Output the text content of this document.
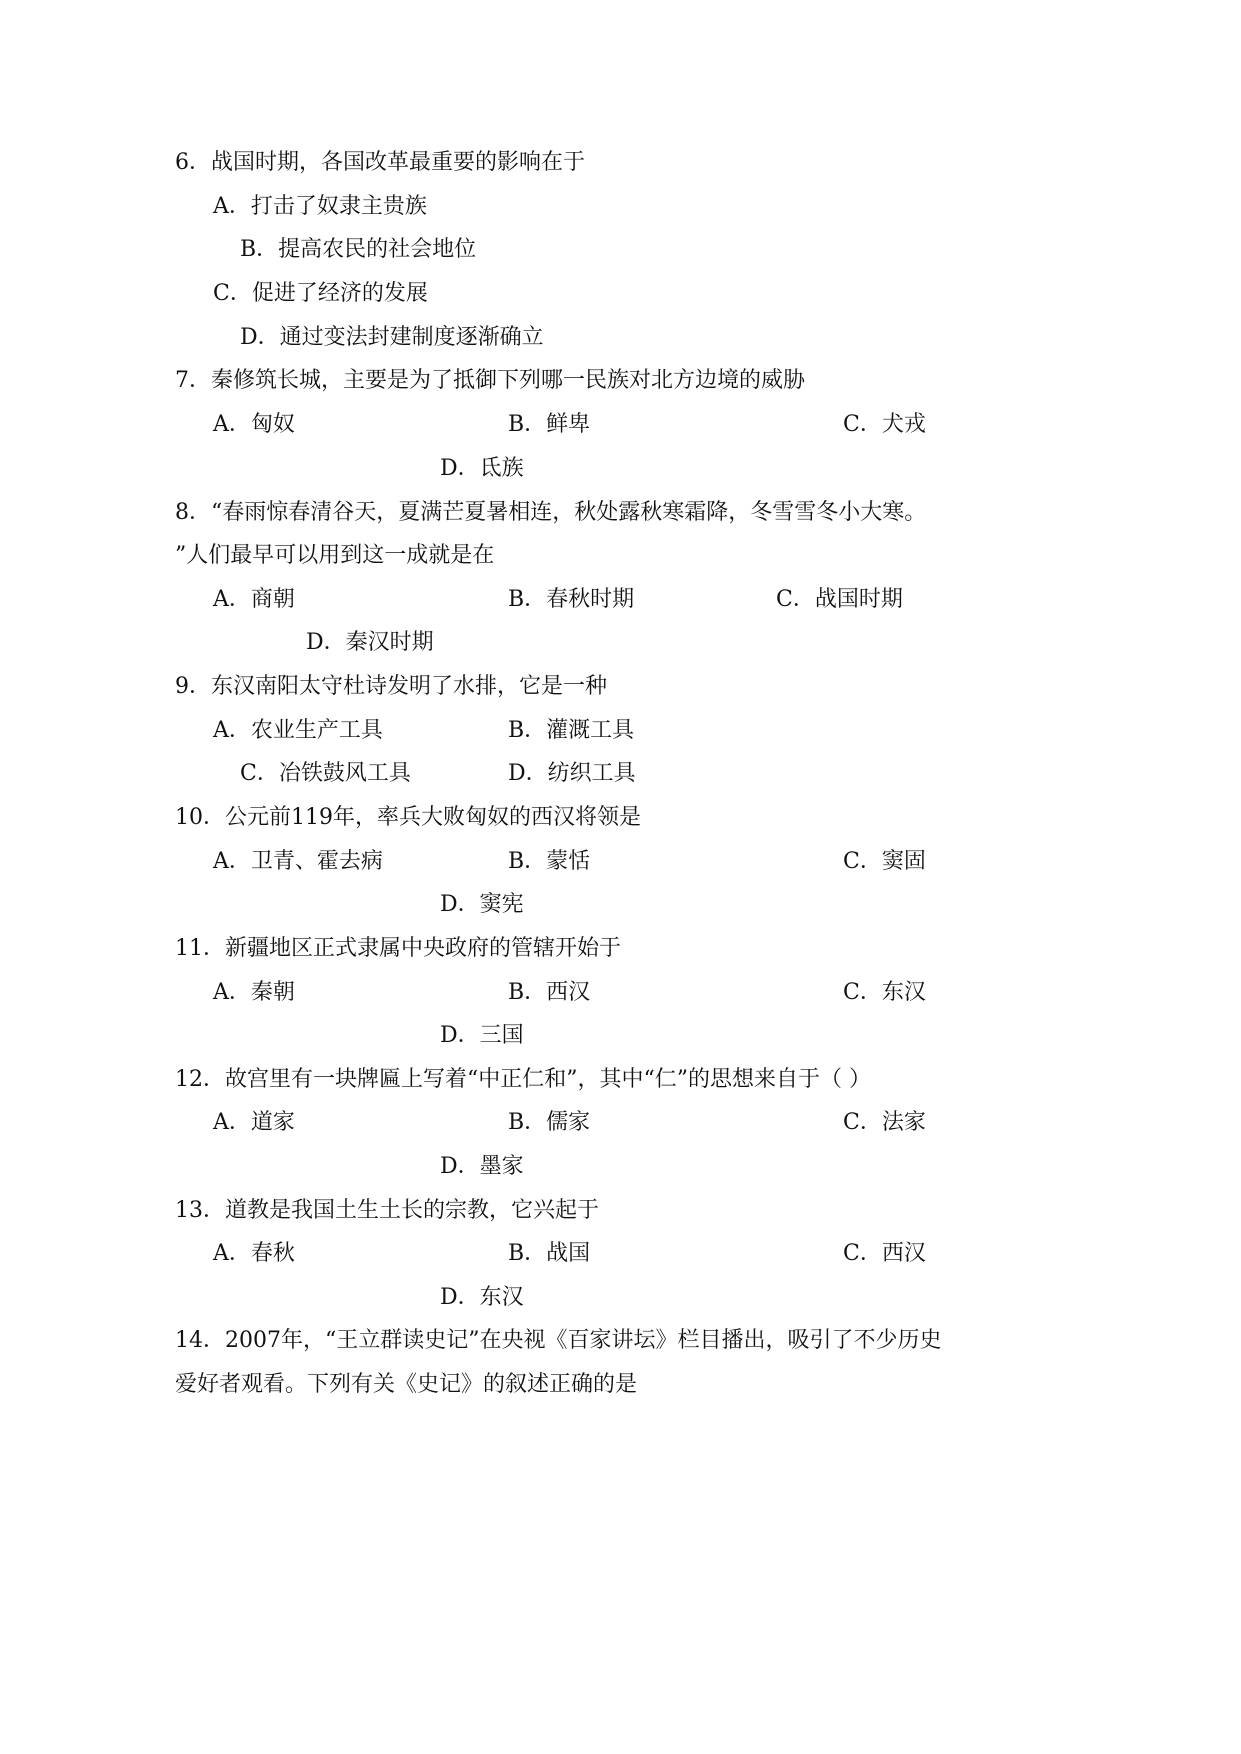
6．战国时期，各国改革最重要的影响在于
A．打击了奴隶主贵族
B．提高农民的社会地位
C．促进了经济的发展
D．通过变法封建制度逐渐确立
7．秦修筑长城，主要是为了抵御下列哪一民族对北方边境的威胁
A．匈奴	B．鲜卑	C．犬戎
D．氐族
8．“春雨惊春清谷天，夏满芒夏暑相连，秋处露秋寒霜降，冬雪雪冬小大寒。
”人们最早可以用到这一成就是在
A．商朝	B．春秋时期	C．战国时期
D．秦汉时期
9．东汉南阳太守杜诗发明了水排，它是一种
A．农业生产工具	B．灌溉工具
C．冶铁鼓风工具	D．纺织工具
10．公元前119年，率兵大败匈奴的西汉将领是
A．卫青、霍去病	B．蒙恬	C．窦固
D．窦宪
11．新疆地区正式隶属中央政府的管辖开始于
A．秦朝	B．西汉	C．东汉
D．三国
12．故宫里有一块牌匾上写着“中正仁和”，其中“仁”的思想来自于（ ）
A．道家	B．儒家	C．法家
D．墨家
13．道教是我国土生土长的宗教，它兴起于
A．春秋	B．战国	C．西汉
D．东汉
14．2007年，“王立群读史记”在央视《百家讲坛》栏目播出，吸引了不少历史
爱好者观看。下列有关《史记》的叙述正确的是
